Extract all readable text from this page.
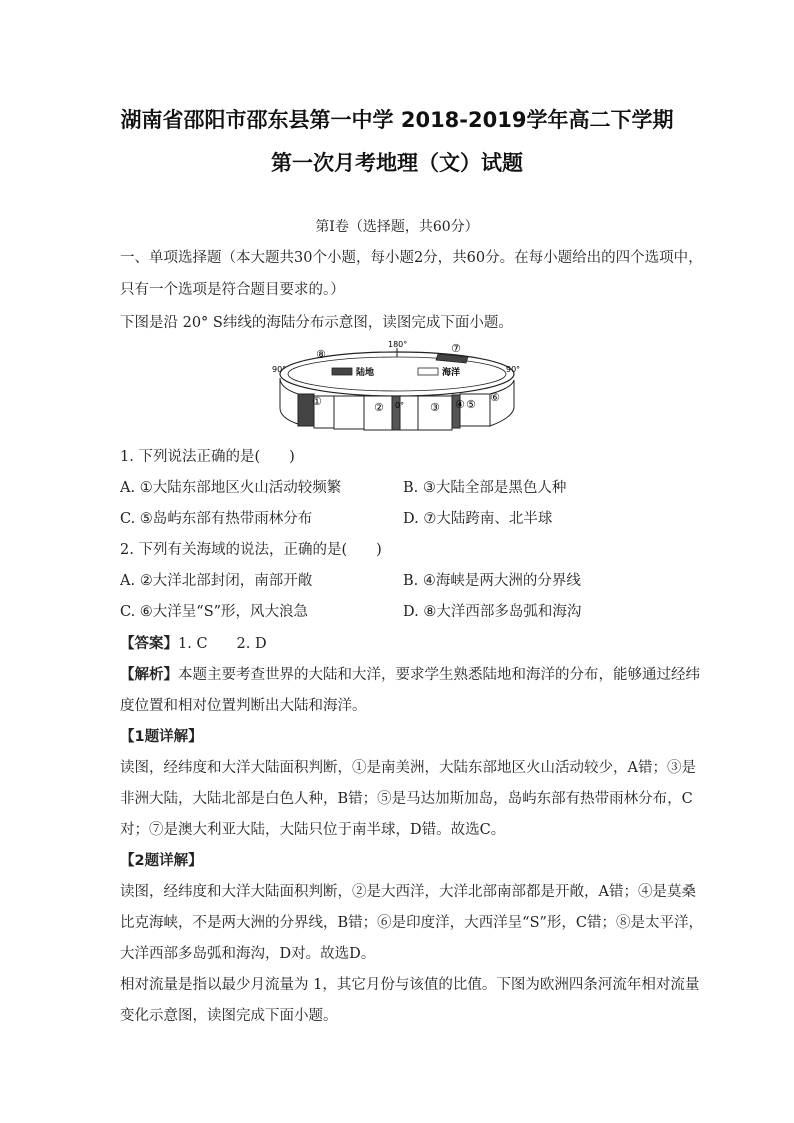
湖南省邵阳市邵东县第一中学 2018-2019学年高二下学期
第一次月考地理（文）试题
第Ⅰ卷（选择题，共60分）
一、单项选择题（本大题共30个小题，每小题2分，共60分。在每小题给出的四个选项中，
只有一个选项是符合题目要求的。）
下图是沿 20° S纬线的海陆分布示意图，读图完成下面小题。
陆地	海洋
90°	90°
180°
0°
⑧	⑦
①	②	③ ④ ⑤
⑥
1. 下列说法正确的是(　　)
A. ①大陆东部地区火山活动较频繁	B. ③大陆全部是黑色人种
C. ⑤岛屿东部有热带雨林分布	D. ⑦大陆跨南、北半球
2. 下列有关海域的说法，正确的是(　　)
A. ②大洋北部封闭，南部开敞	B. ④海峡是两大洲的分界线
C. ⑥大洋呈“S”形，风大浪急	D. ⑧大洋西部多岛弧和海沟
【答案】1. C　　2. D
【解析】本题主要考查世界的大陆和大洋，要求学生熟悉陆地和海洋的分布，能够通过经纬
度位置和相对位置判断出大陆和海洋。
【1题详解】
读图，经纬度和大洋大陆面积判断，①是南美洲，大陆东部地区火山活动较少，A错；③是
非洲大陆，大陆北部是白色人种，B错；⑤是马达加斯加岛，岛屿东部有热带雨林分布，C
对；⑦是澳大利亚大陆，大陆只位于南半球，D错。故选C。
【2题详解】
读图，经纬度和大洋大陆面积判断，②是大西洋，大洋北部南部都是开敞，A错；④是莫桑
比克海峡，不是两大洲的分界线，B错；⑥是印度洋，大西洋呈“S”形，C错；⑧是太平洋，
大洋西部多岛弧和海沟，D对。故选D。
相对流量是指以最少月流量为 1，其它月份与该值的比值。下图为欧洲四条河流年相对流量
变化示意图，读图完成下面小题。
